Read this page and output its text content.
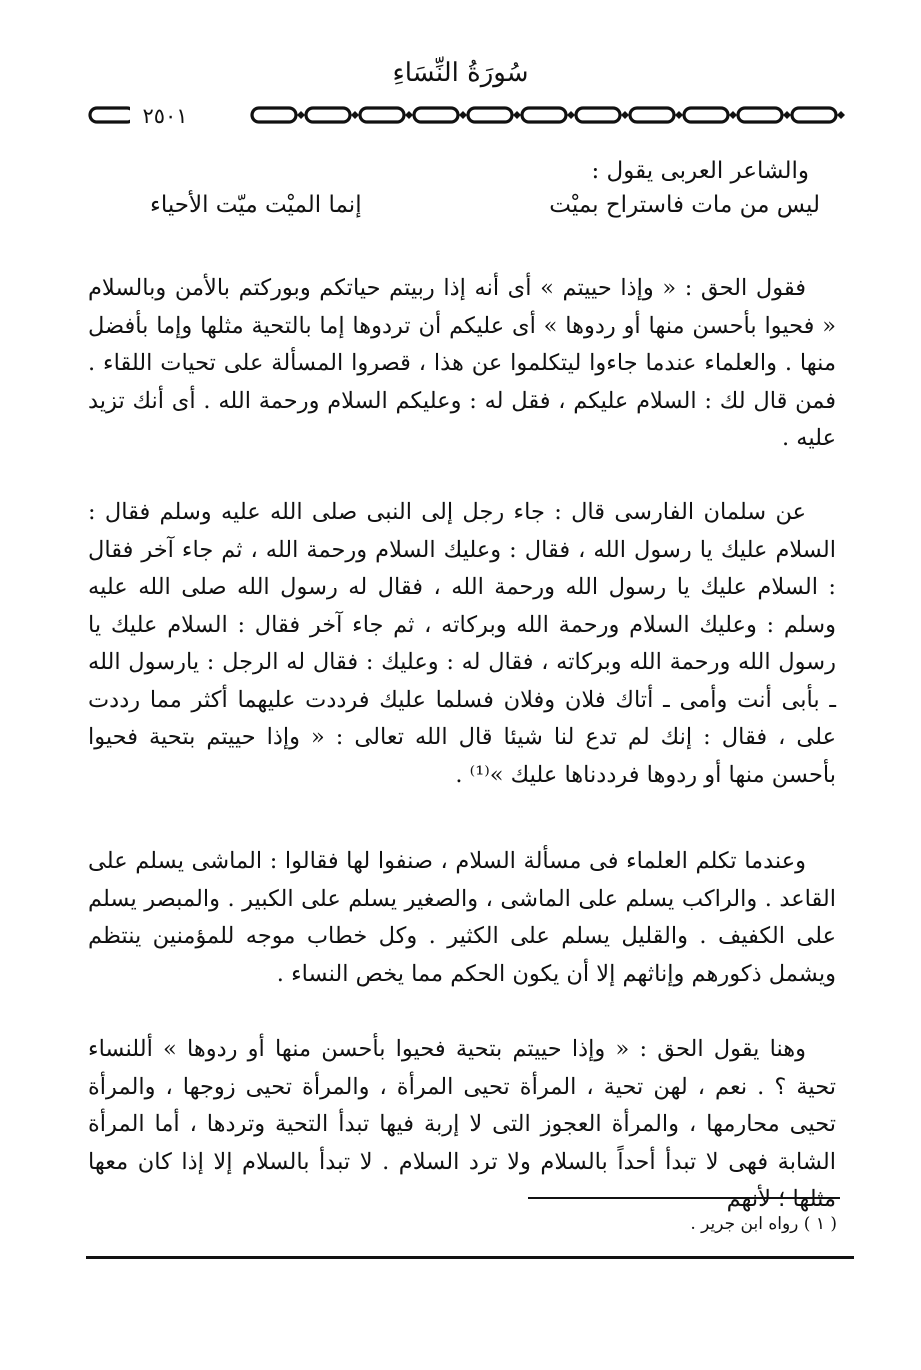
سُورَةُ النِّسَاءِ
٢٥٠١
والشاعر العربى يقول :
ليس من مات فاستراح بميْت
إنما الميْت ميّت الأحياء
فقول الحق : « وإذا حييتم » أى أنه إذا ربيتم حياتكم وبوركتم بالأمن وبالسلام « فحيوا بأحسن منها أو ردوها » أى عليكم أن تردوها إما بالتحية مثلها وإما بأفضل منها . والعلماء عندما جاءوا ليتكلموا عن هذا ، قصروا المسألة على تحيات اللقاء . فمن قال لك : السلام عليكم ، فقل له : وعليكم السلام ورحمة الله . أى أنك تزيد عليه .
عن سلمان الفارسى قال : جاء رجل إلى النبى صلى الله عليه وسلم فقال : السلام عليك يا رسول الله ، فقال : وعليك السلام ورحمة الله ، ثم جاء آخر فقال : السلام عليك يا رسول الله ورحمة الله ، فقال له رسول الله صلى الله عليه وسلم : وعليك السلام ورحمة الله وبركاته ، ثم جاء آخر فقال : السلام عليك يا رسول الله ورحمة الله وبركاته ، فقال له : وعليك : فقال له الرجل : يارسول الله ـ بأبى أنت وأمى ـ أتاك فلان وفلان فسلما عليك فرددت عليهما أكثر مما رددت على ، فقال : إنك لم تدع لنا شيئا قال الله تعالى : « وإذا حييتم بتحية فحيوا بأحسن منها أو ردوها فرددناها عليك »⁽¹⁾ .
وعندما تكلم العلماء فى مسألة السلام ، صنفوا لها فقالوا : الماشى يسلم على القاعد . والراكب يسلم على الماشى ، والصغير يسلم على الكبير . والمبصر يسلم على الكفيف . والقليل يسلم على الكثير . وكل خطاب موجه للمؤمنين ينتظم ويشمل ذكورهم وإناثهم إلا أن يكون الحكم مما يخص النساء .
وهنا يقول الحق : « وإذا حييتم بتحية فحيوا بأحسن منها أو ردوها » أللنساء تحية ؟ . نعم ، لهن تحية ، المرأة تحيى المرأة ، والمرأة تحيى زوجها ، والمرأة تحيى محارمها ، والمرأة العجوز التى لا إربة فيها تبدأ التحية وتردها ، أما المرأة الشابة فهى لا تبدأ أحداً بالسلام ولا ترد السلام . لا تبدأ بالسلام إلا إذا كان معها مثلها ؛ لأنهم
( ١ ) رواه ابن جرير .
